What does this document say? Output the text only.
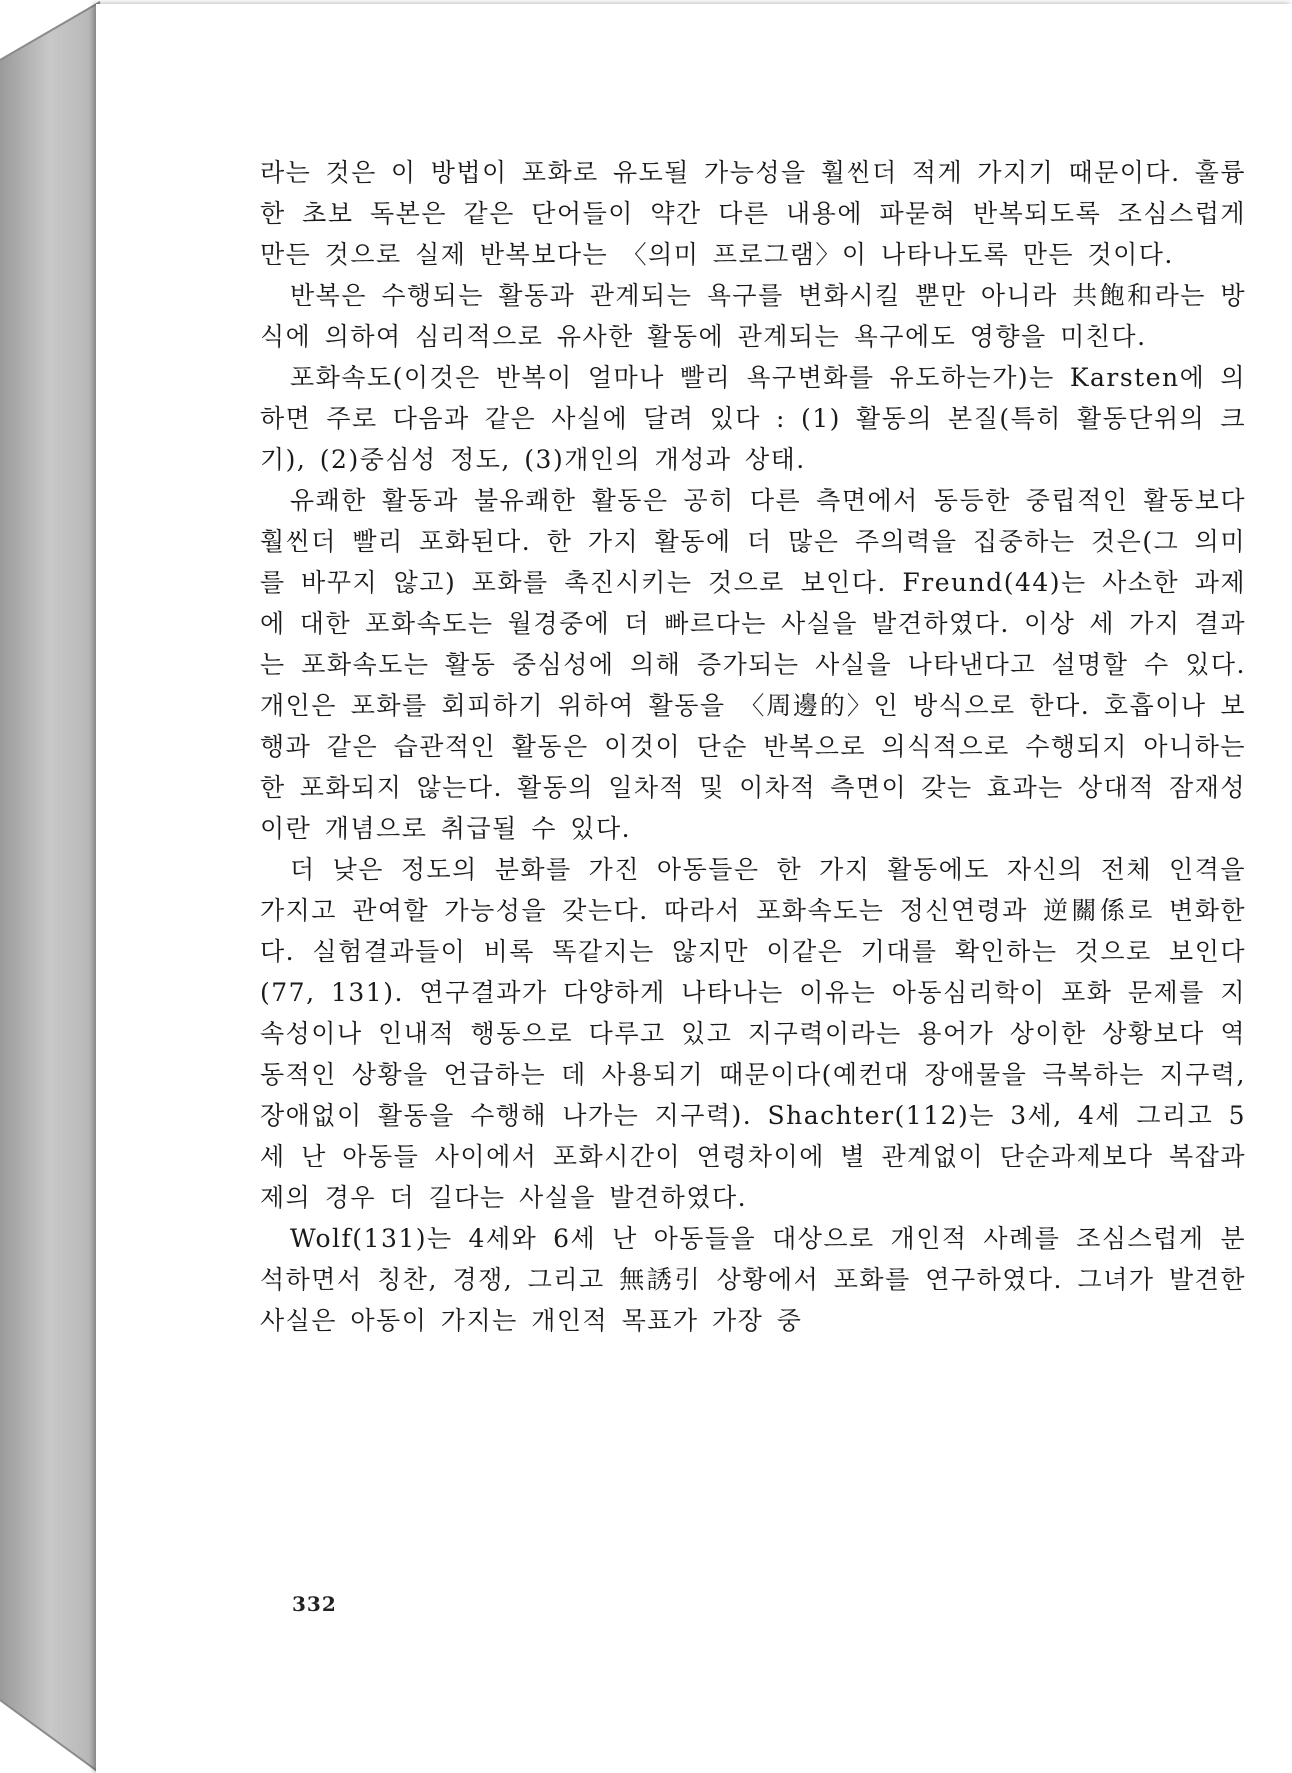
라는 것은 이 방법이 포화로 유도될 가능성을 훨씬더 적게 가지기 때문이다. 훌륭한 초보 독본은 같은 단어들이 약간 다른 내용에 파묻혀 반복되도록 조심스럽게 만든 것으로 실제 반복보다는 〈의미 프로그램〉이 나타나도록 만든 것이다.

반복은 수행되는 활동과 관계되는 욕구를 변화시킬 뿐만 아니라 共飽和라는 방식에 의하여 심리적으로 유사한 활동에 관계되는 욕구에도 영향을 미친다.

포화속도(이것은 반복이 얼마나 빨리 욕구변화를 유도하는가)는 Karsten에 의하면 주로 다음과 같은 사실에 달려 있다 : (1) 활동의 본질(특히 활동단위의 크기), (2)중심성 정도, (3)개인의 개성과 상태.

유쾌한 활동과 불유쾌한 활동은 공히 다른 측면에서 동등한 중립적인 활동보다 훨씬더 빨리 포화된다. 한 가지 활동에 더 많은 주의력을 집중하는 것은(그 의미를 바꾸지 않고) 포화를 촉진시키는 것으로 보인다. Freund(44)는 사소한 과제에 대한 포화속도는 월경중에 더 빠르다는 사실을 발견하였다. 이상 세 가지 결과는 포화속도는 활동 중심성에 의해 증가되는 사실을 나타낸다고 설명할 수 있다. 개인은 포화를 회피하기 위하여 활동을 〈周邊的〉인 방식으로 한다. 호흡이나 보행과 같은 습관적인 활동은 이것이 단순 반복으로 의식적으로 수행되지 아니하는 한 포화되지 않는다. 활동의 일차적 및 이차적 측면이 갖는 효과는 상대적 잠재성이란 개념으로 취급될 수 있다.

더 낮은 정도의 분화를 가진 아동들은 한 가지 활동에도 자신의 전체 인격을 가지고 관여할 가능성을 갖는다. 따라서 포화속도는 정신연령과 逆關係로 변화한다. 실험결과들이 비록 똑같지는 않지만 이같은 기대를 확인하는 것으로 보인다(77, 131). 연구결과가 다양하게 나타나는 이유는 아동심리학이 포화 문제를 지속성이나 인내적 행동으로 다루고 있고 지구력이라는 용어가 상이한 상황보다 역동적인 상황을 언급하는 데 사용되기 때문이다(예컨대 장애물을 극복하는 지구력, 장애없이 활동을 수행해 나가는 지구력). Shachter(112)는 3세, 4세 그리고 5세 난 아동들 사이에서 포화시간이 연령차이에 별 관계없이 단순과제보다 복잡과제의 경우 더 길다는 사실을 발견하였다.

Wolf(131)는 4세와 6세 난 아동들을 대상으로 개인적 사례를 조심스럽게 분석하면서 칭찬, 경쟁, 그리고 無誘引 상황에서 포화를 연구하였다. 그녀가 발견한 사실은 아동이 가지는 개인적 목표가 가장 중

332
